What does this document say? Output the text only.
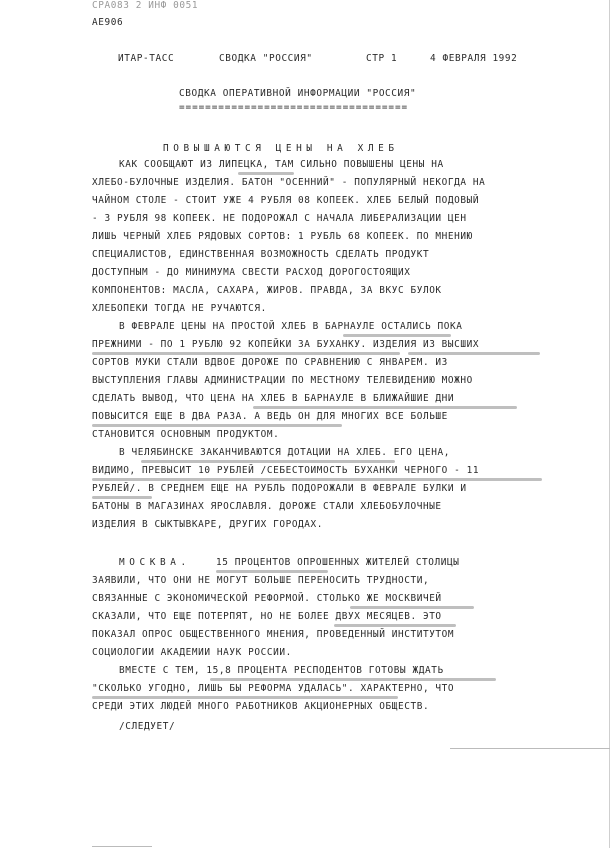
СРА083 2 ИНФ 0051
АЕ906
ИТАР-ТАСС	СВОДКА "РОССИЯ"	СТР 1	4 ФЕВРАЛЯ 1992
СВОДКА ОПЕРАТИВНОЙ ИНФОРМАЦИИ "РОССИЯ"
===================================
ПОВЫШАЮТСЯ ЦЕНЫ НА ХЛЕБ
КАК СООБЩАЮТ ИЗ ЛИПЕЦКА, ТАМ СИЛЬНО ПОВЫШЕНЫ ЦЕНЫ НА
ХЛЕБО-БУЛОЧНЫЕ ИЗДЕЛИЯ. БАТОН "ОСЕННИЙ" - ПОПУЛЯРНЫЙ НЕКОГДА НА
ЧАЙНОМ СТОЛЕ - СТОИТ УЖЕ 4 РУБЛЯ 08 КОПЕЕК. ХЛЕБ БЕЛЫЙ ПОДОВЫЙ
- 3 РУБЛЯ 98 КОПЕЕК. НЕ ПОДОРОЖАЛ С НАЧАЛА ЛИБЕРАЛИЗАЦИИ ЦЕН
ЛИШЬ ЧЕРНЫЙ ХЛЕБ РЯДОВЫХ СОРТОВ: 1 РУБЛЬ 68 КОПЕЕК. ПО МНЕНИЮ
СПЕЦИАЛИСТОВ, ЕДИНСТВЕННАЯ ВОЗМОЖНОСТЬ СДЕЛАТЬ ПРОДУКТ
ДОСТУПНЫМ - ДО МИНИМУМА СВЕСТИ РАСХОД ДОРОГОСТОЯЩИХ
КОМПОНЕНТОВ: МАСЛА, САХАРА, ЖИРОВ. ПРАВДА, ЗА ВКУС БУЛОК
ХЛЕБОПЕКИ ТОГДА НЕ РУЧАЮТСЯ.
В ФЕВРАЛЕ ЦЕНЫ НА ПРОСТОЙ ХЛЕБ В БАРНАУЛЕ ОСТАЛИСЬ ПОКА
ПРЕЖНИМИ - ПО 1 РУБЛЮ 92 КОПЕЙКИ ЗА БУХАНКУ. ИЗДЕЛИЯ ИЗ ВЫСШИХ
СОРТОВ МУКИ СТАЛИ ВДВОЕ ДОРОЖЕ ПО СРАВНЕНИЮ С ЯНВАРЕМ. ИЗ
ВЫСТУПЛЕНИЯ ГЛАВЫ АДМИНИСТРАЦИИ ПО МЕСТНОМУ ТЕЛЕВИДЕНИЮ МОЖНО
СДЕЛАТЬ ВЫВОД, ЧТО ЦЕНА НА ХЛЕБ В БАРНАУЛЕ В БЛИЖАЙШИЕ ДНИ
ПОВЫСИТСЯ ЕЩЕ В ДВА РАЗА. А ВЕДЬ ОН ДЛЯ МНОГИХ ВСЕ БОЛЬШЕ
СТАНОВИТСЯ ОСНОВНЫМ ПРОДУКТОМ.
В ЧЕЛЯБИНСКЕ ЗАКАНЧИВАЮТСЯ ДОТАЦИИ НА ХЛЕБ. ЕГО ЦЕНА,
ВИДИМО, ПРЕВЫСИТ 10 РУБЛЕЙ /СЕБЕСТОИМОСТЬ БУХАНКИ ЧЕРНОГО - 11
РУБЛЕЙ/. В СРЕДНЕМ ЕЩЕ НА РУБЛЬ ПОДОРОЖАЛИ В ФЕВРАЛЕ БУЛКИ И
БАТОНЫ В МАГАЗИНАХ ЯРОСЛАВЛЯ. ДОРОЖЕ СТАЛИ ХЛЕБОБУЛОЧНЫЕ
ИЗДЕЛИЯ В СЫКТЫВКАРЕ, ДРУГИХ ГОРОДАХ.
МОСКВА.	15 ПРОЦЕНТОВ ОПРОШЕННЫХ ЖИТЕЛЕЙ СТОЛИЦЫ
ЗАЯВИЛИ, ЧТО ОНИ НЕ МОГУТ БОЛЬШЕ ПЕРЕНОСИТЬ ТРУДНОСТИ,
СВЯЗАННЫЕ С ЭКОНОМИЧЕСКОЙ РЕФОРМОЙ. СТОЛЬКО ЖЕ МОСКВИЧЕЙ
СКАЗАЛИ, ЧТО ЕЩЕ ПОТЕРПЯТ, НО НЕ БОЛЕЕ ДВУХ МЕСЯЦЕВ. ЭТО
ПОКАЗАЛ ОПРОС ОБЩЕСТВЕННОГО МНЕНИЯ, ПРОВЕДЕННЫЙ ИНСТИТУТОМ
СОЦИОЛОГИИ АКАДЕМИИ НАУК РОССИИ.
ВМЕСТЕ С ТЕМ, 15,8 ПРОЦЕНТА РЕСПОДЕНТОВ ГОТОВЫ ЖДАТЬ
"СКОЛЬКО УГОДНО, ЛИШЬ БЫ РЕФОРМА УДАЛАСЬ". ХАРАКТЕРНО, ЧТО
СРЕДИ ЭТИХ ЛЮДЕЙ МНОГО РАБОТНИКОВ АКЦИОНЕРНЫХ ОБЩЕСТВ.
/СЛЕДУЕТ/
